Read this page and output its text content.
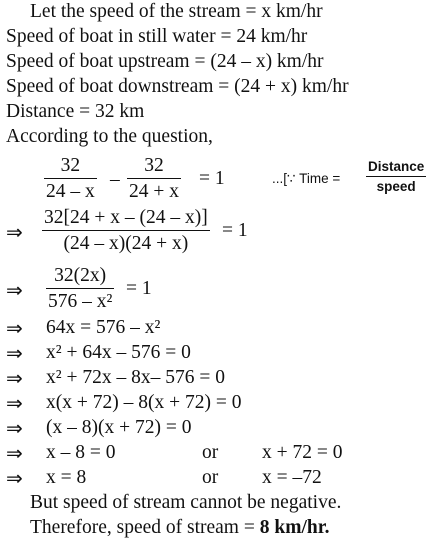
Let the speed of the stream = x km/hr
Speed of boat in still water = 24 km/hr
Speed of boat upstream = (24 – x) km/hr
Speed of boat downstream = (24 + x) km/hr
Distance = 32 km
According to the question,
32
24 – x
–
32
24 + x
= 1	...[∵ Time =
Distance
speed
⇒
32[24 + x – (24 – x)]
(24 – x)(24 + x)
= 1
⇒
32(2x)
576 – x²
= 1
⇒ 64x = 576 – x²
⇒ x² + 64x – 576 = 0
⇒ x² + 72x – 8x– 576 = 0
⇒ x(x + 72) – 8(x + 72) = 0
⇒ (x – 8)(x + 72) = 0
⇒ x – 8 = 0	or x + 72 = 0
⇒ x = 8	or x = –72
But speed of stream cannot be negative.
Therefore, speed of stream = 8 km/hr.
